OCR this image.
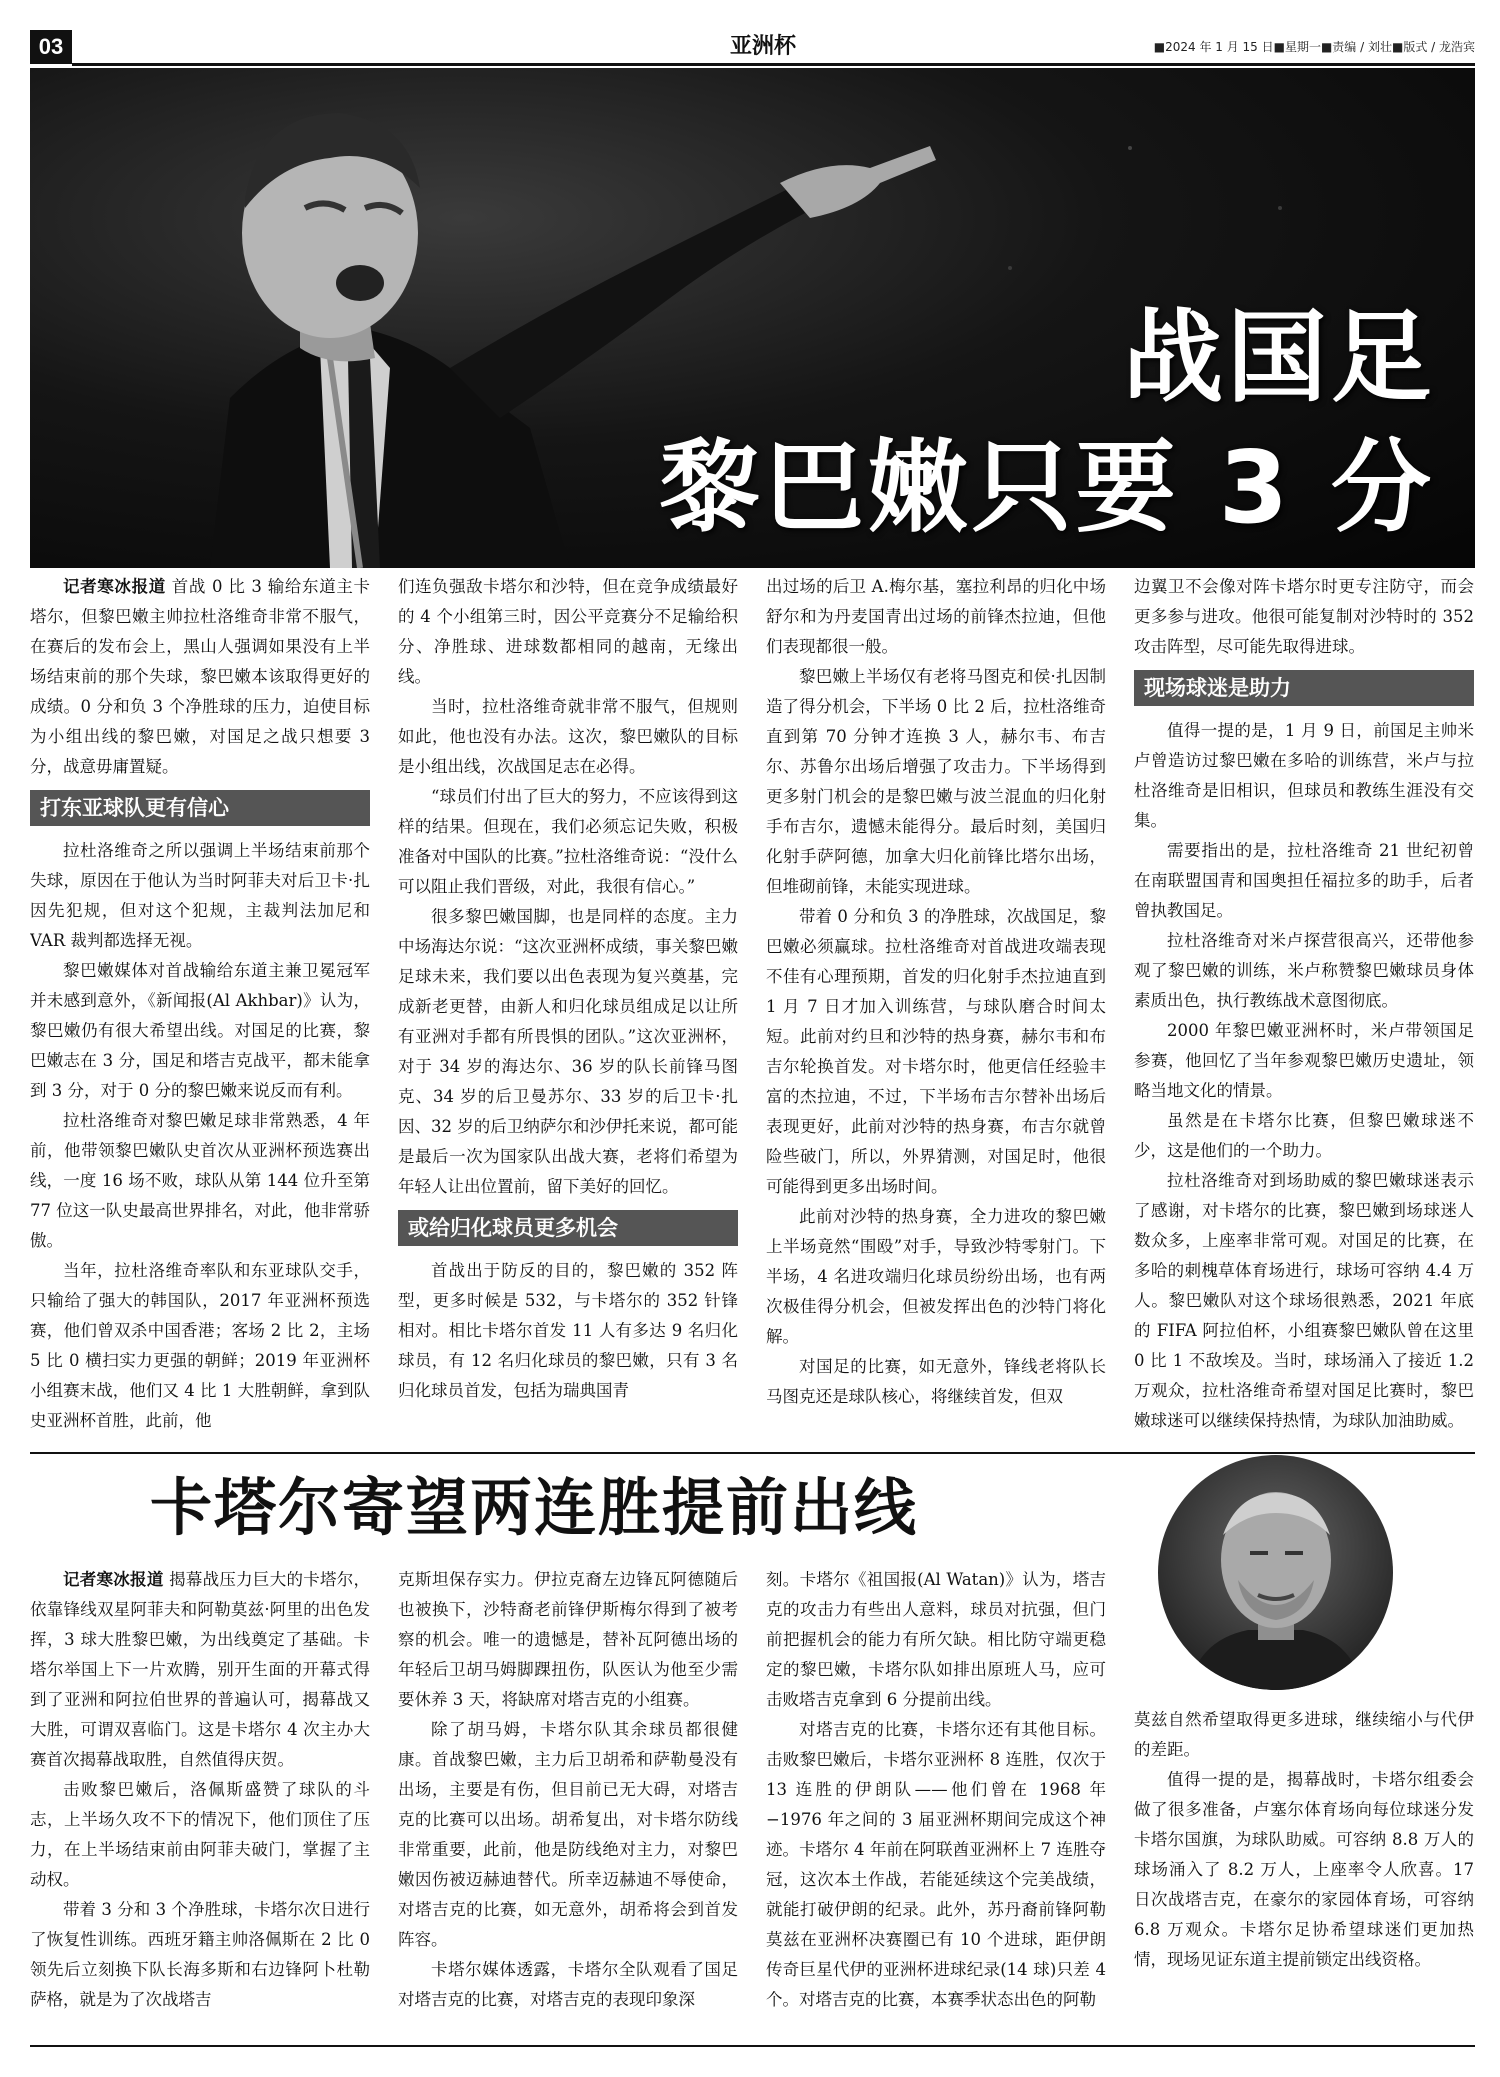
03	亚洲杯	■2024 年 1 月 15 日■星期一■责编 / 刘壮■版式 / 龙浩宾
战国足
黎巴嫩只要 3 分

记者寒冰报道 首战 0 比 3 输给东道主卡塔尔，但黎巴嫩主帅拉杜洛维奇非常不服气，在赛后的发布会上，黑山人强调如果没有上半场结束前的那个失球，黎巴嫩本该取得更好的成绩。0 分和负 3 个净胜球的压力，迫使目标为小组出线的黎巴嫩，对国足之战只想要 3 分，战意毋庸置疑。

打东亚球队更有信心

拉杜洛维奇之所以强调上半场结束前那个失球，原因在于他认为当时阿菲夫对后卫卡·扎因先犯规，但对这个犯规，主裁判法加尼和 VAR 裁判都选择无视。

黎巴嫩媒体对首战输给东道主兼卫冕冠军并未感到意外，《新闻报(Al Akhbar)》认为，黎巴嫩仍有很大希望出线。对国足的比赛，黎巴嫩志在 3 分，国足和塔吉克战平，都未能拿到 3 分，对于 0 分的黎巴嫩来说反而有利。

拉杜洛维奇对黎巴嫩足球非常熟悉，4 年前，他带领黎巴嫩队史首次从亚洲杯预选赛出线，一度 16 场不败，球队从第 144 位升至第 77 位这一队史最高世界排名，对此，他非常骄傲。

当年，拉杜洛维奇率队和东亚球队交手，只输给了强大的韩国队，2017 年亚洲杯预选赛，他们曾双杀中国香港；客场 2 比 2，主场 5 比 0 横扫实力更强的朝鲜；2019 年亚洲杯小组赛末战，他们又 4 比 1 大胜朝鲜，拿到队史亚洲杯首胜，此前，他

们连负强敌卡塔尔和沙特，但在竞争成绩最好的 4 个小组第三时，因公平竞赛分不足输给积分、净胜球、进球数都相同的越南，无缘出线。

当时，拉杜洛维奇就非常不服气，但规则如此，他也没有办法。这次，黎巴嫩队的目标是小组出线，次战国足志在必得。

“球员们付出了巨大的努力，不应该得到这样的结果。但现在，我们必须忘记失败，积极准备对中国队的比赛。”拉杜洛维奇说：“没什么可以阻止我们晋级，对此，我很有信心。”

很多黎巴嫩国脚，也是同样的态度。主力中场海达尔说：“这次亚洲杯成绩，事关黎巴嫩足球未来，我们要以出色表现为复兴奠基，完成新老更替，由新人和归化球员组成足以让所有亚洲对手都有所畏惧的团队。”这次亚洲杯，对于 34 岁的海达尔、36 岁的队长前锋马图克、34 岁的后卫曼苏尔、33 岁的后卫卡·扎因、32 岁的后卫纳萨尔和沙伊托来说，都可能是最后一次为国家队出战大赛，老将们希望为年轻人让出位置前，留下美好的回忆。

或给归化球员更多机会

首战出于防反的目的，黎巴嫩的 352 阵型，更多时候是 532，与卡塔尔的 352 针锋相对。相比卡塔尔首发 11 人有多达 9 名归化球员，有 12 名归化球员的黎巴嫩，只有 3 名归化球员首发，包括为瑞典国青

出过场的后卫 A.梅尔基，塞拉利昂的归化中场舒尔和为丹麦国青出过场的前锋杰拉迪，但他们表现都很一般。

黎巴嫩上半场仅有老将马图克和侯·扎因制造了得分机会，下半场 0 比 2 后，拉杜洛维奇直到第 70 分钟才连换 3 人，赫尔韦、布吉尔、苏鲁尔出场后增强了攻击力。下半场得到更多射门机会的是黎巴嫩与波兰混血的归化射手布吉尔，遗憾未能得分。最后时刻，美国归化射手萨阿德，加拿大归化前锋比塔尔出场，但堆砌前锋，未能实现进球。

带着 0 分和负 3 的净胜球，次战国足，黎巴嫩必须赢球。拉杜洛维奇对首战进攻端表现不佳有心理预期，首发的归化射手杰拉迪直到 1 月 7 日才加入训练营，与球队磨合时间太短。此前对约旦和沙特的热身赛，赫尔韦和布吉尔轮换首发。对卡塔尔时，他更信任经验丰富的杰拉迪，不过，下半场布吉尔替补出场后表现更好，此前对沙特的热身赛，布吉尔就曾险些破门，所以，外界猜测，对国足时，他很可能得到更多出场时间。

此前对沙特的热身赛，全力进攻的黎巴嫩上半场竟然“围殴”对手，导致沙特零射门。下半场，4 名进攻端归化球员纷纷出场，也有两次极佳得分机会，但被发挥出色的沙特门将化解。

对国足的比赛，如无意外，锋线老将队长马图克还是球队核心，将继续首发，但双

边翼卫不会像对阵卡塔尔时更专注防守，而会更多参与进攻。他很可能复制对沙特时的 352 攻击阵型，尽可能先取得进球。

现场球迷是助力

值得一提的是，1 月 9 日，前国足主帅米卢曾造访过黎巴嫩在多哈的训练营，米卢与拉杜洛维奇是旧相识，但球员和教练生涯没有交集。

需要指出的是，拉杜洛维奇 21 世纪初曾在南联盟国青和国奥担任福拉多的助手，后者曾执教国足。

拉杜洛维奇对米卢探营很高兴，还带他参观了黎巴嫩的训练，米卢称赞黎巴嫩球员身体素质出色，执行教练战术意图彻底。

2000 年黎巴嫩亚洲杯时，米卢带领国足参赛，他回忆了当年参观黎巴嫩历史遗址，领略当地文化的情景。

虽然是在卡塔尔比赛，但黎巴嫩球迷不少，这是他们的一个助力。

拉杜洛维奇对到场助威的黎巴嫩球迷表示了感谢，对卡塔尔的比赛，黎巴嫩到场球迷人数众多，上座率非常可观。对国足的比赛，在多哈的刺槐草体育场进行，球场可容纳 4.4 万人。黎巴嫩队对这个球场很熟悉，2021 年底的 FIFA 阿拉伯杯，小组赛黎巴嫩队曾在这里 0 比 1 不敌埃及。当时，球场涌入了接近 1.2 万观众，拉杜洛维奇希望对国足比赛时，黎巴嫩球迷可以继续保持热情，为球队加油助威。

卡塔尔寄望两连胜提前出线

记者寒冰报道 揭幕战压力巨大的卡塔尔，依靠锋线双星阿菲夫和阿勒莫兹·阿里的出色发挥，3 球大胜黎巴嫩，为出线奠定了基础。卡塔尔举国上下一片欢腾，别开生面的开幕式得到了亚洲和阿拉伯世界的普遍认可，揭幕战又大胜，可谓双喜临门。这是卡塔尔 4 次主办大赛首次揭幕战取胜，自然值得庆贺。

击败黎巴嫩后，洛佩斯盛赞了球队的斗志，上半场久攻不下的情况下，他们顶住了压力，在上半场结束前由阿菲夫破门，掌握了主动权。

带着 3 分和 3 个净胜球，卡塔尔次日进行了恢复性训练。西班牙籍主帅洛佩斯在 2 比 0 领先后立刻换下队长海多斯和右边锋阿卜杜勒萨格，就是为了次战塔吉

克斯坦保存实力。伊拉克裔左边锋瓦阿德随后也被换下，沙特裔老前锋伊斯梅尔得到了被考察的机会。唯一的遗憾是，替补瓦阿德出场的年轻后卫胡马姆脚踝扭伤，队医认为他至少需要休养 3 天，将缺席对塔吉克的小组赛。

除了胡马姆，卡塔尔队其余球员都很健康。首战黎巴嫩，主力后卫胡希和萨勒曼没有出场，主要是有伤，但目前已无大碍，对塔吉克的比赛可以出场。胡希复出，对卡塔尔防线非常重要，此前，他是防线绝对主力，对黎巴嫩因伤被迈赫迪替代。所幸迈赫迪不辱使命，对塔吉克的比赛，如无意外，胡希将会到首发阵容。

卡塔尔媒体透露，卡塔尔全队观看了国足对塔吉克的比赛，对塔吉克的表现印象深

刻。卡塔尔《祖国报(Al Watan)》认为，塔吉克的攻击力有些出人意料，球员对抗强，但门前把握机会的能力有所欠缺。相比防守端更稳定的黎巴嫩，卡塔尔队如排出原班人马，应可击败塔吉克拿到 6 分提前出线。

对塔吉克的比赛，卡塔尔还有其他目标。击败黎巴嫩后，卡塔尔亚洲杯 8 连胜，仅次于 13 连胜的伊朗队——他们曾在 1968 年−1976 年之间的 3 届亚洲杯期间完成这个神迹。卡塔尔 4 年前在阿联酋亚洲杯上 7 连胜夺冠，这次本土作战，若能延续这个完美战绩，就能打破伊朗的纪录。此外，苏丹裔前锋阿勒莫兹在亚洲杯决赛圈已有 10 个进球，距伊朗传奇巨星代伊的亚洲杯进球纪录(14 球)只差 4 个。对塔吉克的比赛，本赛季状态出色的阿勒

莫兹自然希望取得更多进球，继续缩小与代伊的差距。

值得一提的是，揭幕战时，卡塔尔组委会做了很多准备，卢塞尔体育场向每位球迷分发卡塔尔国旗，为球队助威。可容纳 8.8 万人的球场涌入了 8.2 万人，上座率令人欣喜。17 日次战塔吉克，在豪尔的家园体育场，可容纳 6.8 万观众。卡塔尔足协希望球迷们更加热情，现场见证东道主提前锁定出线资格。
